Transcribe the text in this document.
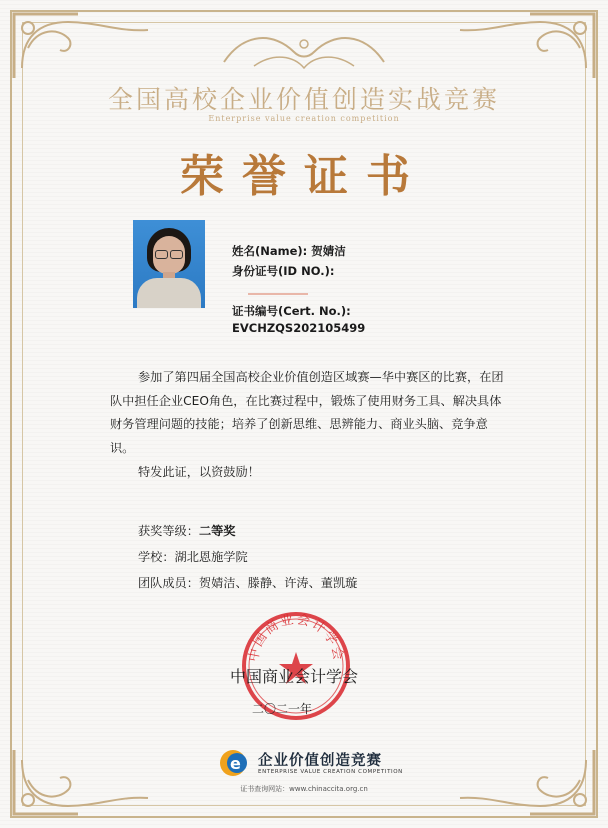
全国高校企业价值创造实战竞赛
Enterprise value creation competition
荣誉证书
姓名(Name): 贺婧洁
身份证号(ID NO.):
证书编号(Cert. No.):
EVCHZQS202105499

参加了第四届全国高校企业价值创造区域赛—华中赛区的比赛，在团队中担任企业CEO角色，在比赛过程中，锻炼了使用财务工具、解决具体财务管理问题的技能；培养了创新思维、思辨能力、商业头脑、竞争意识。

特发此证，以资鼓励！

获奖等级：二等奖
学校：湖北恩施学院
团队成员：贺婧洁、滕静、许涛、董凯璇
中国商业会计学会
中国商业会计学会
二〇二一年
e 企业价值创造竞赛
ENTERPRISE VALUE CREATION COMPETITION
证书查询网站：www.chinaccita.org.cn
